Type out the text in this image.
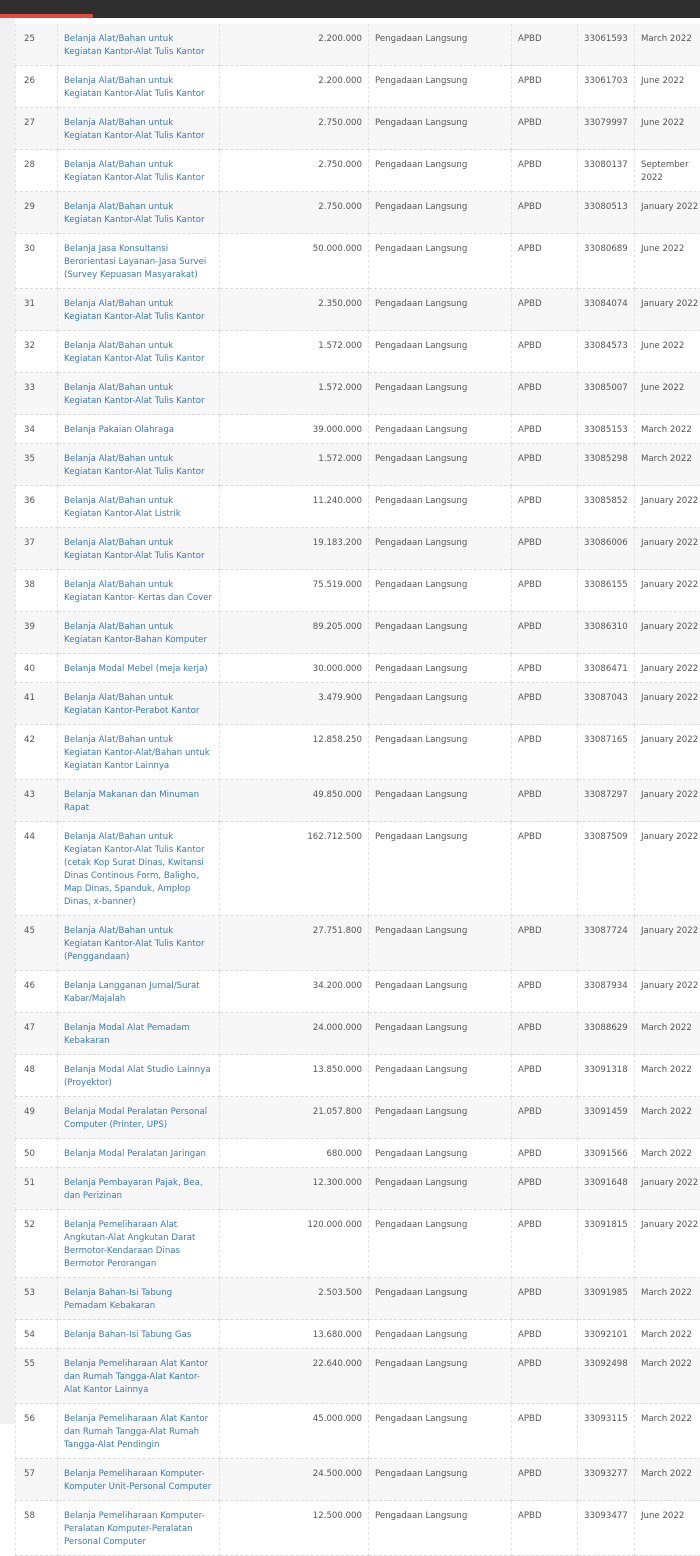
25	Belanja Alat/Bahan untuk Kegiatan Kantor-Alat Tulis Kantor	2.200.000	Pengadaan Langsung	APBD	33061593	March 2022
26	Belanja Alat/Bahan untuk Kegiatan Kantor-Alat Tulis Kantor	2.200.000	Pengadaan Langsung	APBD	33061703	June 2022
27	Belanja Alat/Bahan untuk Kegiatan Kantor-Alat Tulis Kantor	2.750.000	Pengadaan Langsung	APBD	33079997	June 2022
28	Belanja Alat/Bahan untuk Kegiatan Kantor-Alat Tulis Kantor	2.750.000	Pengadaan Langsung	APBD	33080137	September 2022
29	Belanja Alat/Bahan untuk Kegiatan Kantor-Alat Tulis Kantor	2.750.000	Pengadaan Langsung	APBD	33080513	January 2022
30	Belanja Jasa Konsultansi Berorientasi Layanan-Jasa Survei (Survey Kepuasan Masyarakat)	50.000.000	Pengadaan Langsung	APBD	33080689	June 2022
31	Belanja Alat/Bahan untuk Kegiatan Kantor-Alat Tulis Kantor	2.350.000	Pengadaan Langsung	APBD	33084074	January 2022
32	Belanja Alat/Bahan untuk Kegiatan Kantor-Alat Tulis Kantor	1.572.000	Pengadaan Langsung	APBD	33084573	June 2022
33	Belanja Alat/Bahan untuk Kegiatan Kantor-Alat Tulis Kantor	1.572.000	Pengadaan Langsung	APBD	33085007	June 2022
34	Belanja Pakaian Olahraga	39.000.000	Pengadaan Langsung	APBD	33085153	March 2022
35	Belanja Alat/Bahan untuk Kegiatan Kantor-Alat Tulis Kantor	1.572.000	Pengadaan Langsung	APBD	33085298	March 2022
36	Belanja Alat/Bahan untuk Kegiatan Kantor-Alat Listrik	11.240.000	Pengadaan Langsung	APBD	33085852	January 2022
37	Belanja Alat/Bahan untuk Kegiatan Kantor-Alat Tulis Kantor	19.183.200	Pengadaan Langsung	APBD	33086006	January 2022
38	Belanja Alat/Bahan untuk Kegiatan Kantor- Kertas dan Cover	75.519.000	Pengadaan Langsung	APBD	33086155	January 2022
39	Belanja Alat/Bahan untuk Kegiatan Kantor-Bahan Komputer	89.205.000	Pengadaan Langsung	APBD	33086310	January 2022
40	Belanja Modal Mebel (meja kerja)	30.000.000	Pengadaan Langsung	APBD	33086471	January 2022
41	Belanja Alat/Bahan untuk Kegiatan Kantor-Perabot Kantor	3.479.900	Pengadaan Langsung	APBD	33087043	January 2022
42	Belanja Alat/Bahan untuk Kegiatan Kantor-Alat/Bahan untuk Kegiatan Kantor Lainnya	12.858.250	Pengadaan Langsung	APBD	33087165	January 2022
43	Belanja Makanan dan Minuman Rapat	49.850.000	Pengadaan Langsung	APBD	33087297	January 2022
44	Belanja Alat/Bahan untuk Kegiatan Kantor-Alat Tulis Kantor (cetak Kop Surat Dinas, Kwitansi Dinas Continous Form, Baligho, Map Dinas, Spanduk, Amplop Dinas, x-banner)	162.712.500	Pengadaan Langsung	APBD	33087509	January 2022
45	Belanja Alat/Bahan untuk Kegiatan Kantor-Alat Tulis Kantor (Penggandaan)	27.751.800	Pengadaan Langsung	APBD	33087724	January 2022
46	Belanja Langganan Jurnal/Surat Kabar/Majalah	34.200.000	Pengadaan Langsung	APBD	33087934	January 2022
47	Belanja Modal Alat Pemadam Kebakaran	24.000.000	Pengadaan Langsung	APBD	33088629	March 2022
48	Belanja Modal Alat Studio Lainnya (Proyektor)	13.850.000	Pengadaan Langsung	APBD	33091318	March 2022
49	Belanja Modal Peralatan Personal Computer (Printer, UPS)	21.057.800	Pengadaan Langsung	APBD	33091459	March 2022
50	Belanja Modal Peralatan Jaringan	680.000	Pengadaan Langsung	APBD	33091566	March 2022
51	Belanja Pembayaran Pajak, Bea, dan Perizinan	12.300.000	Pengadaan Langsung	APBD	33091648	January 2022
52	Belanja Pemeliharaan Alat Angkutan-Alat Angkutan Darat Bermotor-Kendaraan Dinas Bermotor Perorangan	120.000.000	Pengadaan Langsung	APBD	33091815	January 2022
53	Belanja Bahan-Isi Tabung Pemadam Kebakaran	2.503.500	Pengadaan Langsung	APBD	33091985	March 2022
54	Belanja Bahan-Isi Tabung Gas	13.680.000	Pengadaan Langsung	APBD	33092101	March 2022
55	Belanja Pemeliharaan Alat Kantor dan Rumah Tangga-Alat Kantor-Alat Kantor Lainnya	22.640.000	Pengadaan Langsung	APBD	33092498	March 2022
56	Belanja Pemeliharaan Alat Kantor dan Rumah Tangga-Alat Rumah Tangga-Alat Pendingin	45.000.000	Pengadaan Langsung	APBD	33093115	March 2022
57	Belanja Pemeliharaan Komputer-Komputer Unit-Personal Computer	24.500.000	Pengadaan Langsung	APBD	33093277	March 2022
58	Belanja Pemeliharaan Komputer-Peralatan Komputer-Peralatan Personal Computer	12.500.000	Pengadaan Langsung	APBD	33093477	June 2022
